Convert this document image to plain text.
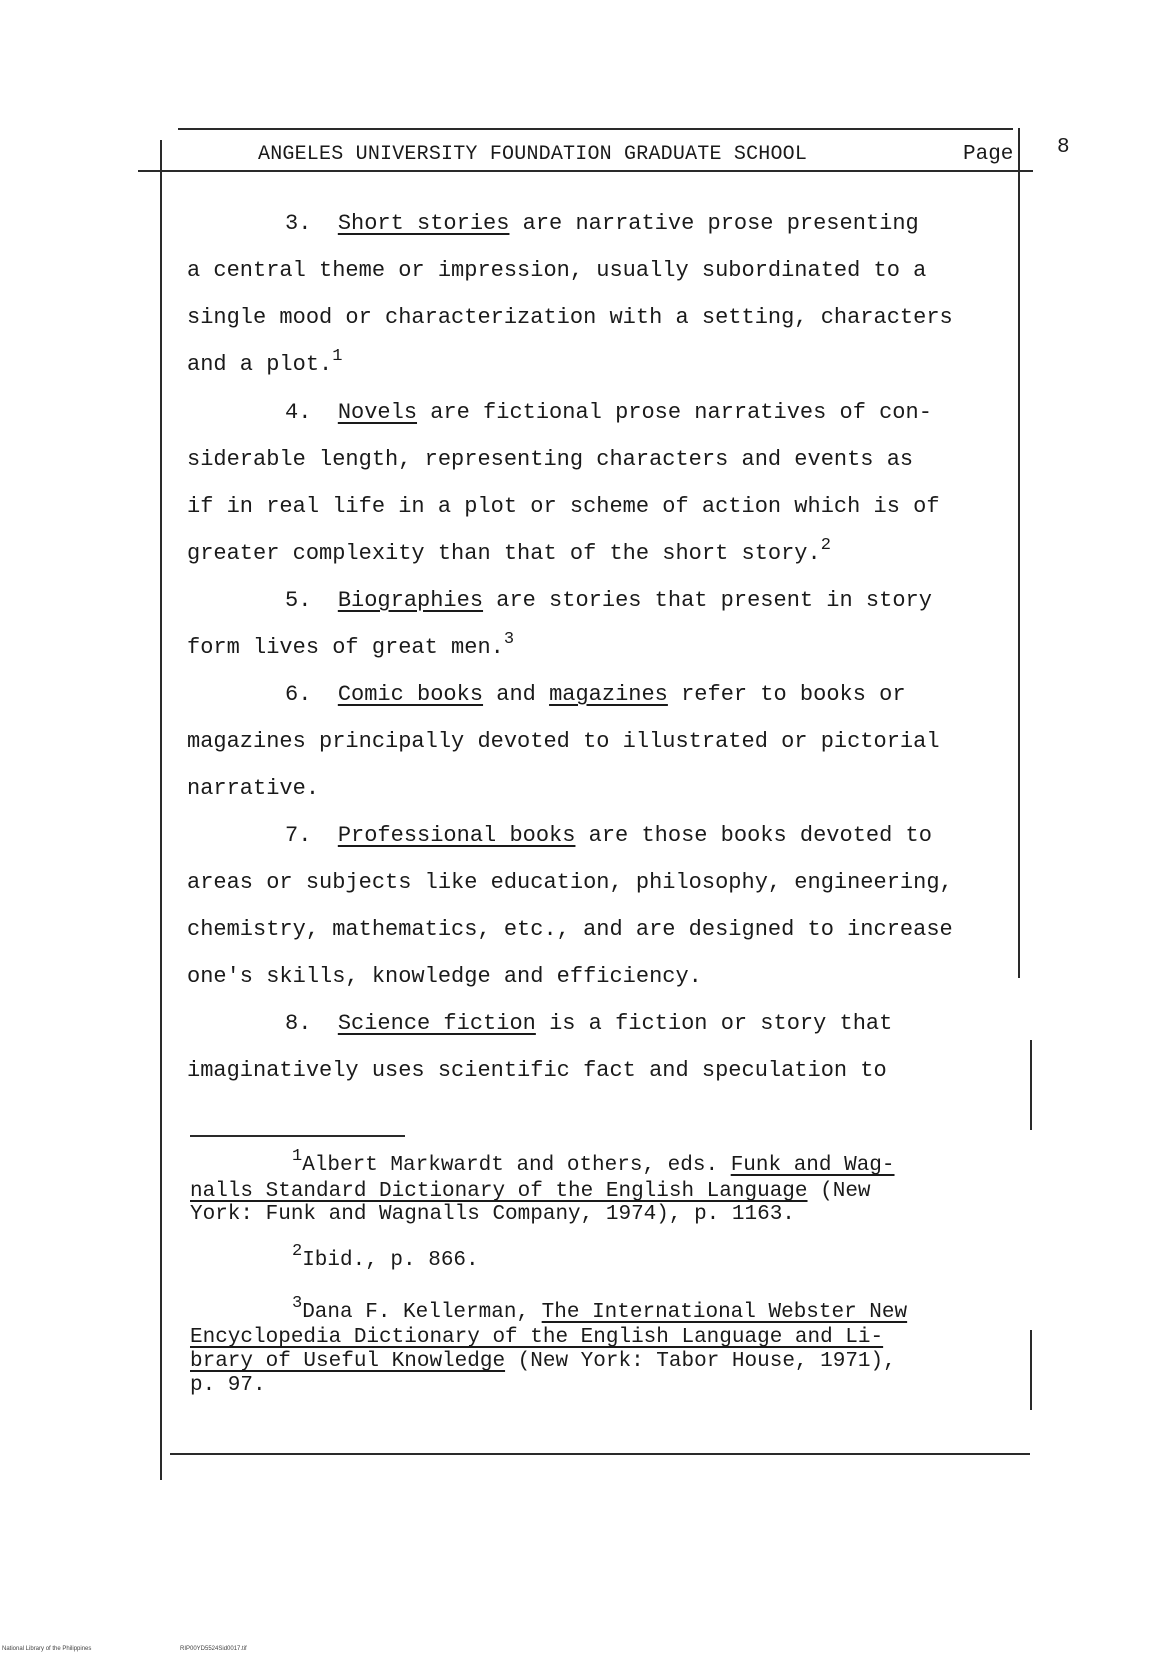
ANGELES UNIVERSITY FOUNDATION GRADUATE SCHOOL	Page 8
3. Short stories are narrative prose presenting
a central theme or impression, usually subordinated to a
single mood or characterization with a setting, characters
and a plot.$^1$
4. Novels are fictional prose narratives of con-
siderable length, representing characters and events as
if in real life in a plot or scheme of action which is of
greater complexity than that of the short story.$^2$
5. Biographies are stories that present in story
form lives of great men.$^3$
6. Comic books and magazines refer to books or
magazines principally devoted to illustrated or pictorial
narrative.
7. Professional books are those books devoted to
areas or subjects like education, philosophy, engineering,
chemistry, mathematics, etc., and are designed to increase
one's skills, knowledge and efficiency.
8. Science fiction is a fiction or story that
imaginatively uses scientific fact and speculation to
$^1$Albert Markwardt and others, eds. Funk and Wag-
nalls Standard Dictionary of the English Language (New
York: Funk and Wagnalls Company, 1974), p. 1163.
$^2$Ibid., p. 866.
$^3$Dana F. Kellerman, The International Webster New
Encyclopedia Dictionary of the English Language and Li-
brary of Useful Knowledge (New York: Tabor House, 1971),
p. 97.
National Library of the Philippines	RIP00YD5524Sid0017.tif
